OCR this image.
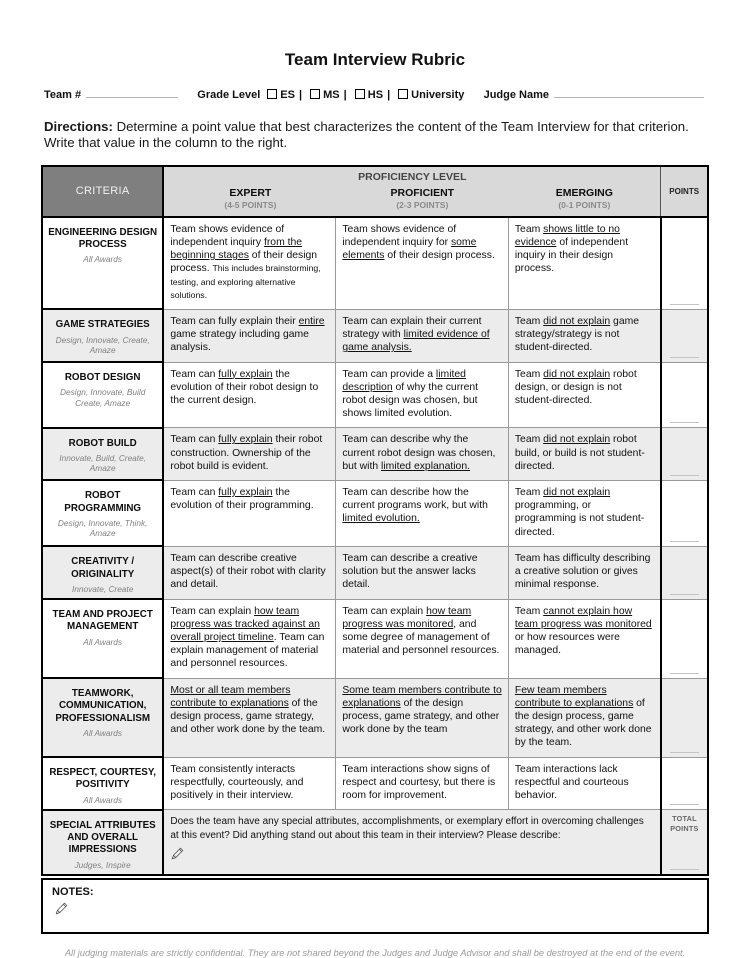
Team Interview Rubric
Team #	Grade Level ES | MS | HS | University Judge Name

Directions: Determine a point value that best characterizes the content of the Team Interview for that criterion. Write that value in the column to the right.

CRITERIA	
PROFICIENCY LEVEL
EXPERT
(4-5 POINTS)
PROFICIENT
(2-3 POINTS)
EMERGING
(0-1 POINTS)
	POINTS

ENGINEERING DESIGN PROCESS
All Awards	Team shows evidence of independent inquiry from the beginning stages of their design process. This includes brainstorming, testing, and exploring alternative solutions.	Team shows evidence of independent inquiry for some elements of their design process.	Team shows little to no evidence of independent inquiry in their design process.	

GAME STRATEGIES
Design, Innovate, Create, Amaze	Team can fully explain their entire game strategy including game analysis.	Team can explain their current strategy with limited evidence of game analysis.	Team did not explain game strategy/strategy is not student-directed.	

ROBOT DESIGN
Design, Innovate, Build Create, Amaze	Team can fully explain the evolution of their robot design to the current design.	Team can provide a limited description of why the current robot design was chosen, but shows limited evolution.	Team did not explain robot design, or design is not student-directed.	

ROBOT BUILD
Innovate, Build, Create, Amaze	Team can fully explain their robot construction. Ownership of the robot build is evident.	Team can describe why the current robot design was chosen, but with limited explanation.	Team did not explain robot build, or build is not student-directed.	

ROBOT PROGRAMMING
Design, Innovate, Think, Amaze	Team can fully explain the evolution of their programming.	Team can describe how the current programs work, but with limited evolution.	Team did not explain programming, or programming is not student-directed.	

CREATIVITY / ORIGINALITY
Innovate, Create	Team can describe creative aspect(s) of their robot with clarity and detail.	Team can describe a creative solution but the answer lacks detail.	Team has difficulty describing a creative solution or gives minimal response.	

TEAM AND PROJECT MANAGEMENT
All Awards	Team can explain how team progress was tracked against an overall project timeline. Team can explain management of material and personnel resources.	Team can explain how team progress was monitored, and some degree of management of material and personnel resources.	Team cannot explain how team progress was monitored or how resources were managed.	

TEAMWORK, COMMUNICATION, PROFESSIONALISM
All Awards	Most or all team members contribute to explanations of the design process, game strategy, and other work done by the team.	Some team members contribute to explanations of the design process, game strategy, and other work done by the team	Few team members contribute to explanations of the design process, game strategy, and other work done by the team.	

RESPECT, COURTESY, POSITIVITY
All Awards	Team consistently interacts respectfully, courteously, and positively in their interview.	Team interactions show signs of respect and courtesy, but there is room for improvement.	Team interactions lack respectful and courteous behavior.	

SPECIAL ATTRIBUTES AND OVERALL IMPRESSIONS
Judges, Inspire	Does the team have any special attributes, accomplishments, or exemplary effort in overcoming challenges at this event? Did anything stand out about this team in their interview? Please describe:			TOTAL POINTS
NOTES:

All judging materials are strictly confidential. They are not shared beyond the Judges and Judge Advisor and shall be destroyed at the end of the event.
